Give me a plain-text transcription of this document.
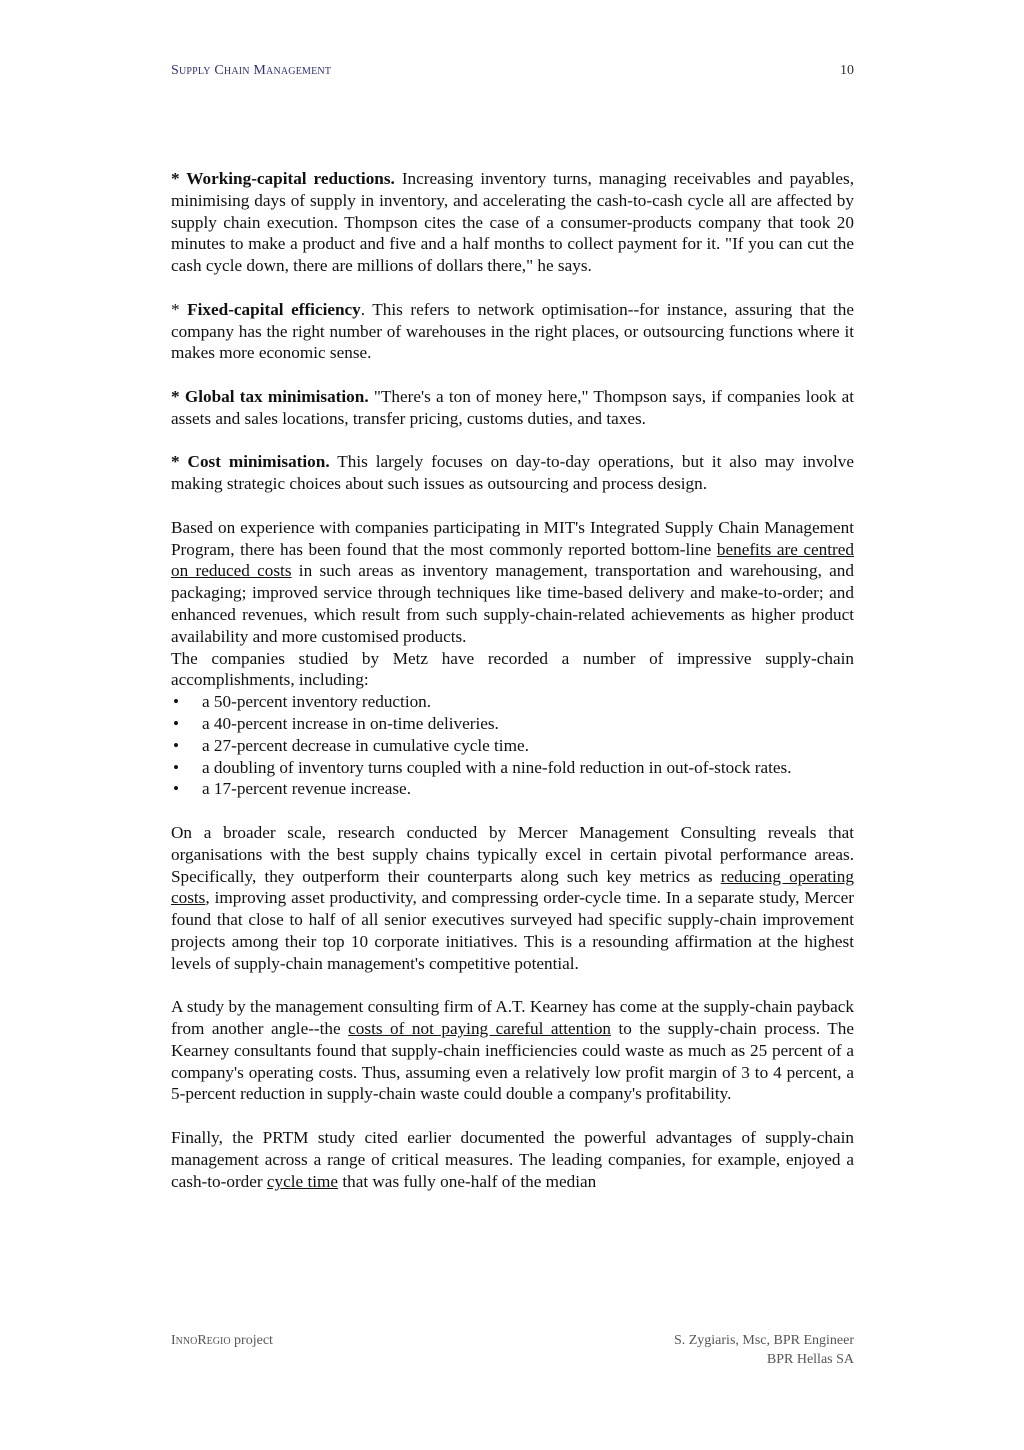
Supply Chain Management	10

* Working-capital reductions. Increasing inventory turns, managing receivables and payables, minimising days of supply in inventory, and accelerating the cash-to-cash cycle all are affected by supply chain execution. Thompson cites the case of a consumer-products company that took 20 minutes to make a product and five and a half months to collect payment for it. "If you can cut the cash cycle down, there are millions of dollars there," he says.

* Fixed-capital efficiency. This refers to network optimisation--for instance, assuring that the company has the right number of warehouses in the right places, or outsourcing functions where it makes more economic sense.

* Global tax minimisation. "There's a ton of money here," Thompson says, if companies look at assets and sales locations, transfer pricing, customs duties, and taxes.

* Cost minimisation. This largely focuses on day-to-day operations, but it also may involve making strategic choices about such issues as outsourcing and process design.

Based on experience with companies participating in MIT's Integrated Supply Chain Management Program, there has been found that the most commonly reported bottom-line benefits are centred on reduced costs in such areas as inventory management, transportation and warehousing, and packaging; improved service through techniques like time-based delivery and make-to-order; and enhanced revenues, which result from such supply-chain-related achievements as higher product availability and more customised products.

The companies studied by Metz have recorded a number of impressive supply-chain accomplishments, including:

• a 50-percent inventory reduction.
• a 40-percent increase in on-time deliveries.
• a 27-percent decrease in cumulative cycle time.
• a doubling of inventory turns coupled with a nine-fold reduction in out-of-stock rates.
• a 17-percent revenue increase.

On a broader scale, research conducted by Mercer Management Consulting reveals that organisations with the best supply chains typically excel in certain pivotal performance areas. Specifically, they outperform their counterparts along such key metrics as reducing operating costs, improving asset productivity, and compressing order-cycle time. In a separate study, Mercer found that close to half of all senior executives surveyed had specific supply-chain improvement projects among their top 10 corporate initiatives. This is a resounding affirmation at the highest levels of supply-chain management's competitive potential.

A study by the management consulting firm of A.T. Kearney has come at the supply-chain payback from another angle--the costs of not paying careful attention to the supply-chain process. The Kearney consultants found that supply-chain inefficiencies could waste as much as 25 percent of a company's operating costs. Thus, assuming even a relatively low profit margin of 3 to 4 percent, a 5-percent reduction in supply-chain waste could double a company's profitability.

Finally, the PRTM study cited earlier documented the powerful advantages of supply-chain management across a range of critical measures. The leading companies, for example, enjoyed a cash-to-order cycle time that was fully one-half of the median

InnoRegio project	S. Zygiaris, Msc, BPR Engineer
BPR Hellas SA
